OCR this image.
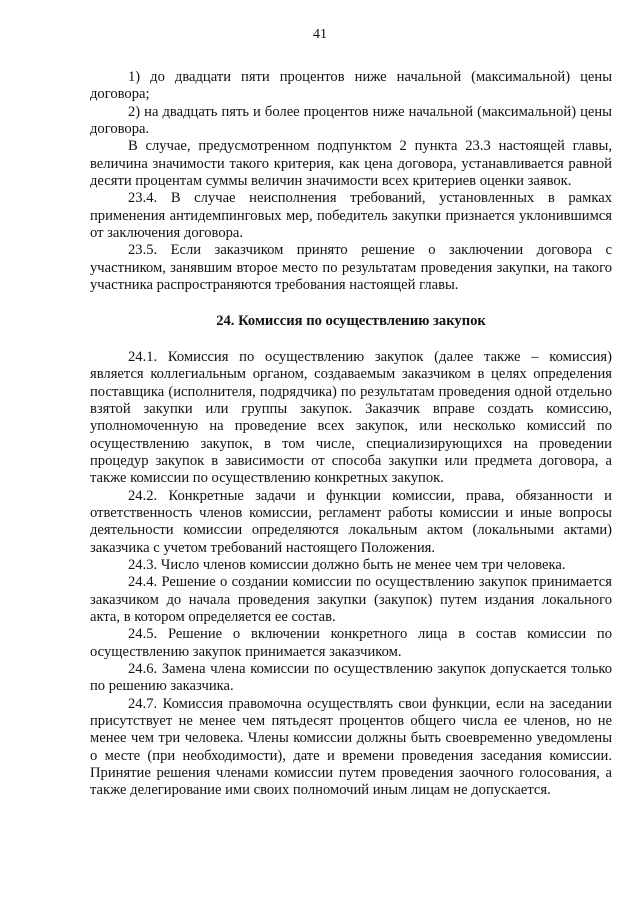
41

1) до двадцати пяти процентов ниже начальной (максимальной) цены договора;

2) на двадцать пять и более процентов ниже начальной (максимальной) цены договора.

В случае, предусмотренном подпунктом 2 пункта 23.3 настоящей главы, величина значимости такого критерия, как цена договора, устанавливается равной десяти процентам суммы величин значимости всех критериев оценки заявок.

23.4. В случае неисполнения требований, установленных в рамках применения антидемпинговых мер, победитель закупки признается уклонившимся от заключения договора.

23.5. Если заказчиком принято решение о заключении договора с участником, занявшим второе место по результатам проведения закупки, на такого участника распространяются требования настоящей главы.

24. Комиссия по осуществлению закупок

24.1. Комиссия по осуществлению закупок (далее также – комиссия) является коллегиальным органом, создаваемым заказчиком в целях определения поставщика (исполнителя, подрядчика) по результатам проведения одной отдельно взятой закупки или группы закупок. Заказчик вправе создать комиссию, уполномоченную на проведение всех закупок, или несколько комиссий по осуществлению закупок, в том числе, специализирующихся на проведении процедур закупок в зависимости от способа закупки или предмета договора, а также комиссии по осуществлению конкретных закупок.

24.2. Конкретные задачи и функции комиссии, права, обязанности и ответственность членов комиссии, регламент работы комиссии и иные вопросы деятельности комиссии определяются локальным актом (локальными актами) заказчика с учетом требований настоящего Положения.

24.3. Число членов комиссии должно быть не менее чем три человека.

24.4. Решение о создании комиссии по осуществлению закупок принимается заказчиком до начала проведения закупки (закупок) путем издания локального акта, в котором определяется ее состав.

24.5. Решение о включении конкретного лица в состав комиссии по осуществлению закупок принимается заказчиком.

24.6. Замена члена комиссии по осуществлению закупок допускается только по решению заказчика.

24.7. Комиссия правомочна осуществлять свои функции, если на заседании присутствует не менее чем пятьдесят процентов общего числа ее членов, но не менее чем три человека. Члены комиссии должны быть своевременно уведомлены о месте (при необходимости), дате и времени проведения заседания комиссии. Принятие решения членами комиссии путем проведения заочного голосования, а также делегирование ими своих полномочий иным лицам не допускается.
